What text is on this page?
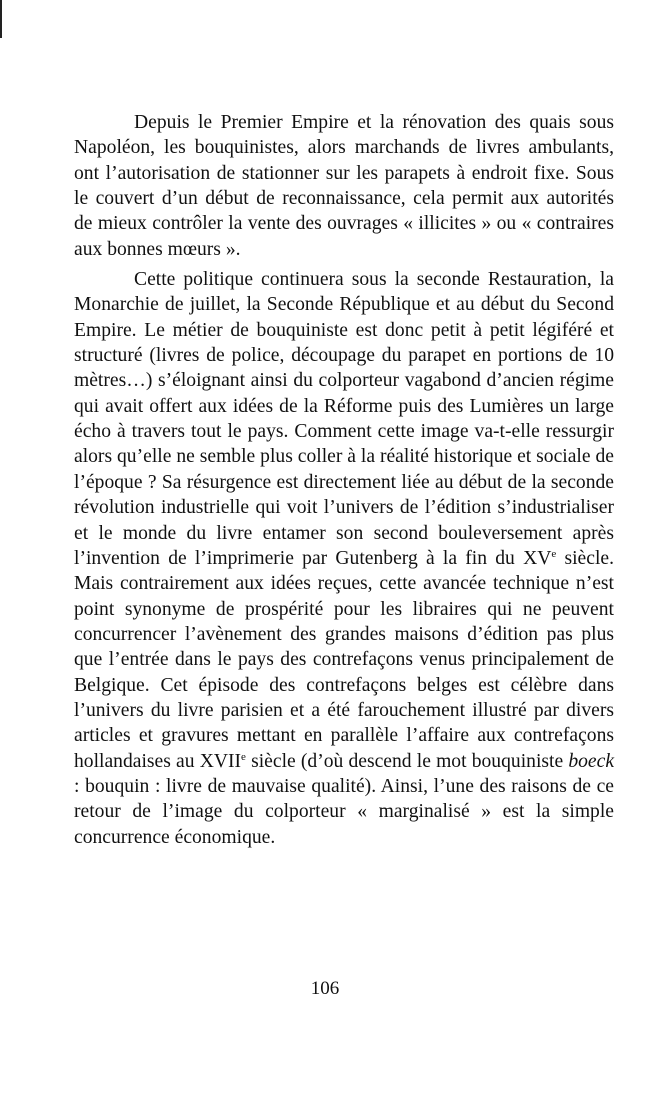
Depuis le Premier Empire et la rénovation des quais sous Napoléon, les bouquinistes, alors marchands de livres ambulants, ont l’autorisation de stationner sur les parapets à endroit fixe. Sous le couvert d’un début de reconnaissance, cela permit aux autorités de mieux contrôler la vente des ouvrages « illicites » ou « contraires aux bonnes mœurs ».

Cette politique continuera sous la seconde Restauration, la Monarchie de juillet, la Seconde République et au début du Second Empire. Le métier de bouquiniste est donc petit à petit légiféré et structuré (livres de police, découpage du parapet en portions de 10 mètres…) s’éloignant ainsi du colporteur vagabond d’ancien régime qui avait offert aux idées de la Réforme puis des Lumières un large écho à travers tout le pays. Comment cette image va-t-elle ressurgir alors qu’elle ne semble plus coller à la réalité historique et sociale de l’époque ? Sa résurgence est directement liée au début de la seconde révolution industrielle qui voit l’univers de l’édition s’industrialiser et le monde du livre entamer son second bouleversement après l’invention de l’imprimerie par Gutenberg à la fin du XVe siècle. Mais contrairement aux idées reçues, cette avancée technique n’est point synonyme de prospérité pour les libraires qui ne peuvent concurrencer l’avènement des grandes maisons d’édition pas plus que l’entrée dans le pays des contrefaçons venus principalement de Belgique. Cet épisode des contrefaçons belges est célèbre dans l’univers du livre parisien et a été farouchement illustré par divers articles et gravures mettant en parallèle l’affaire aux contrefaçons hollandaises au XVIIe siècle (d’où descend le mot bouquiniste boeck : bouquin : livre de mauvaise qualité). Ainsi, l’une des raisons de ce retour de l’image du colporteur « marginalisé » est la simple concurrence économique.

106
